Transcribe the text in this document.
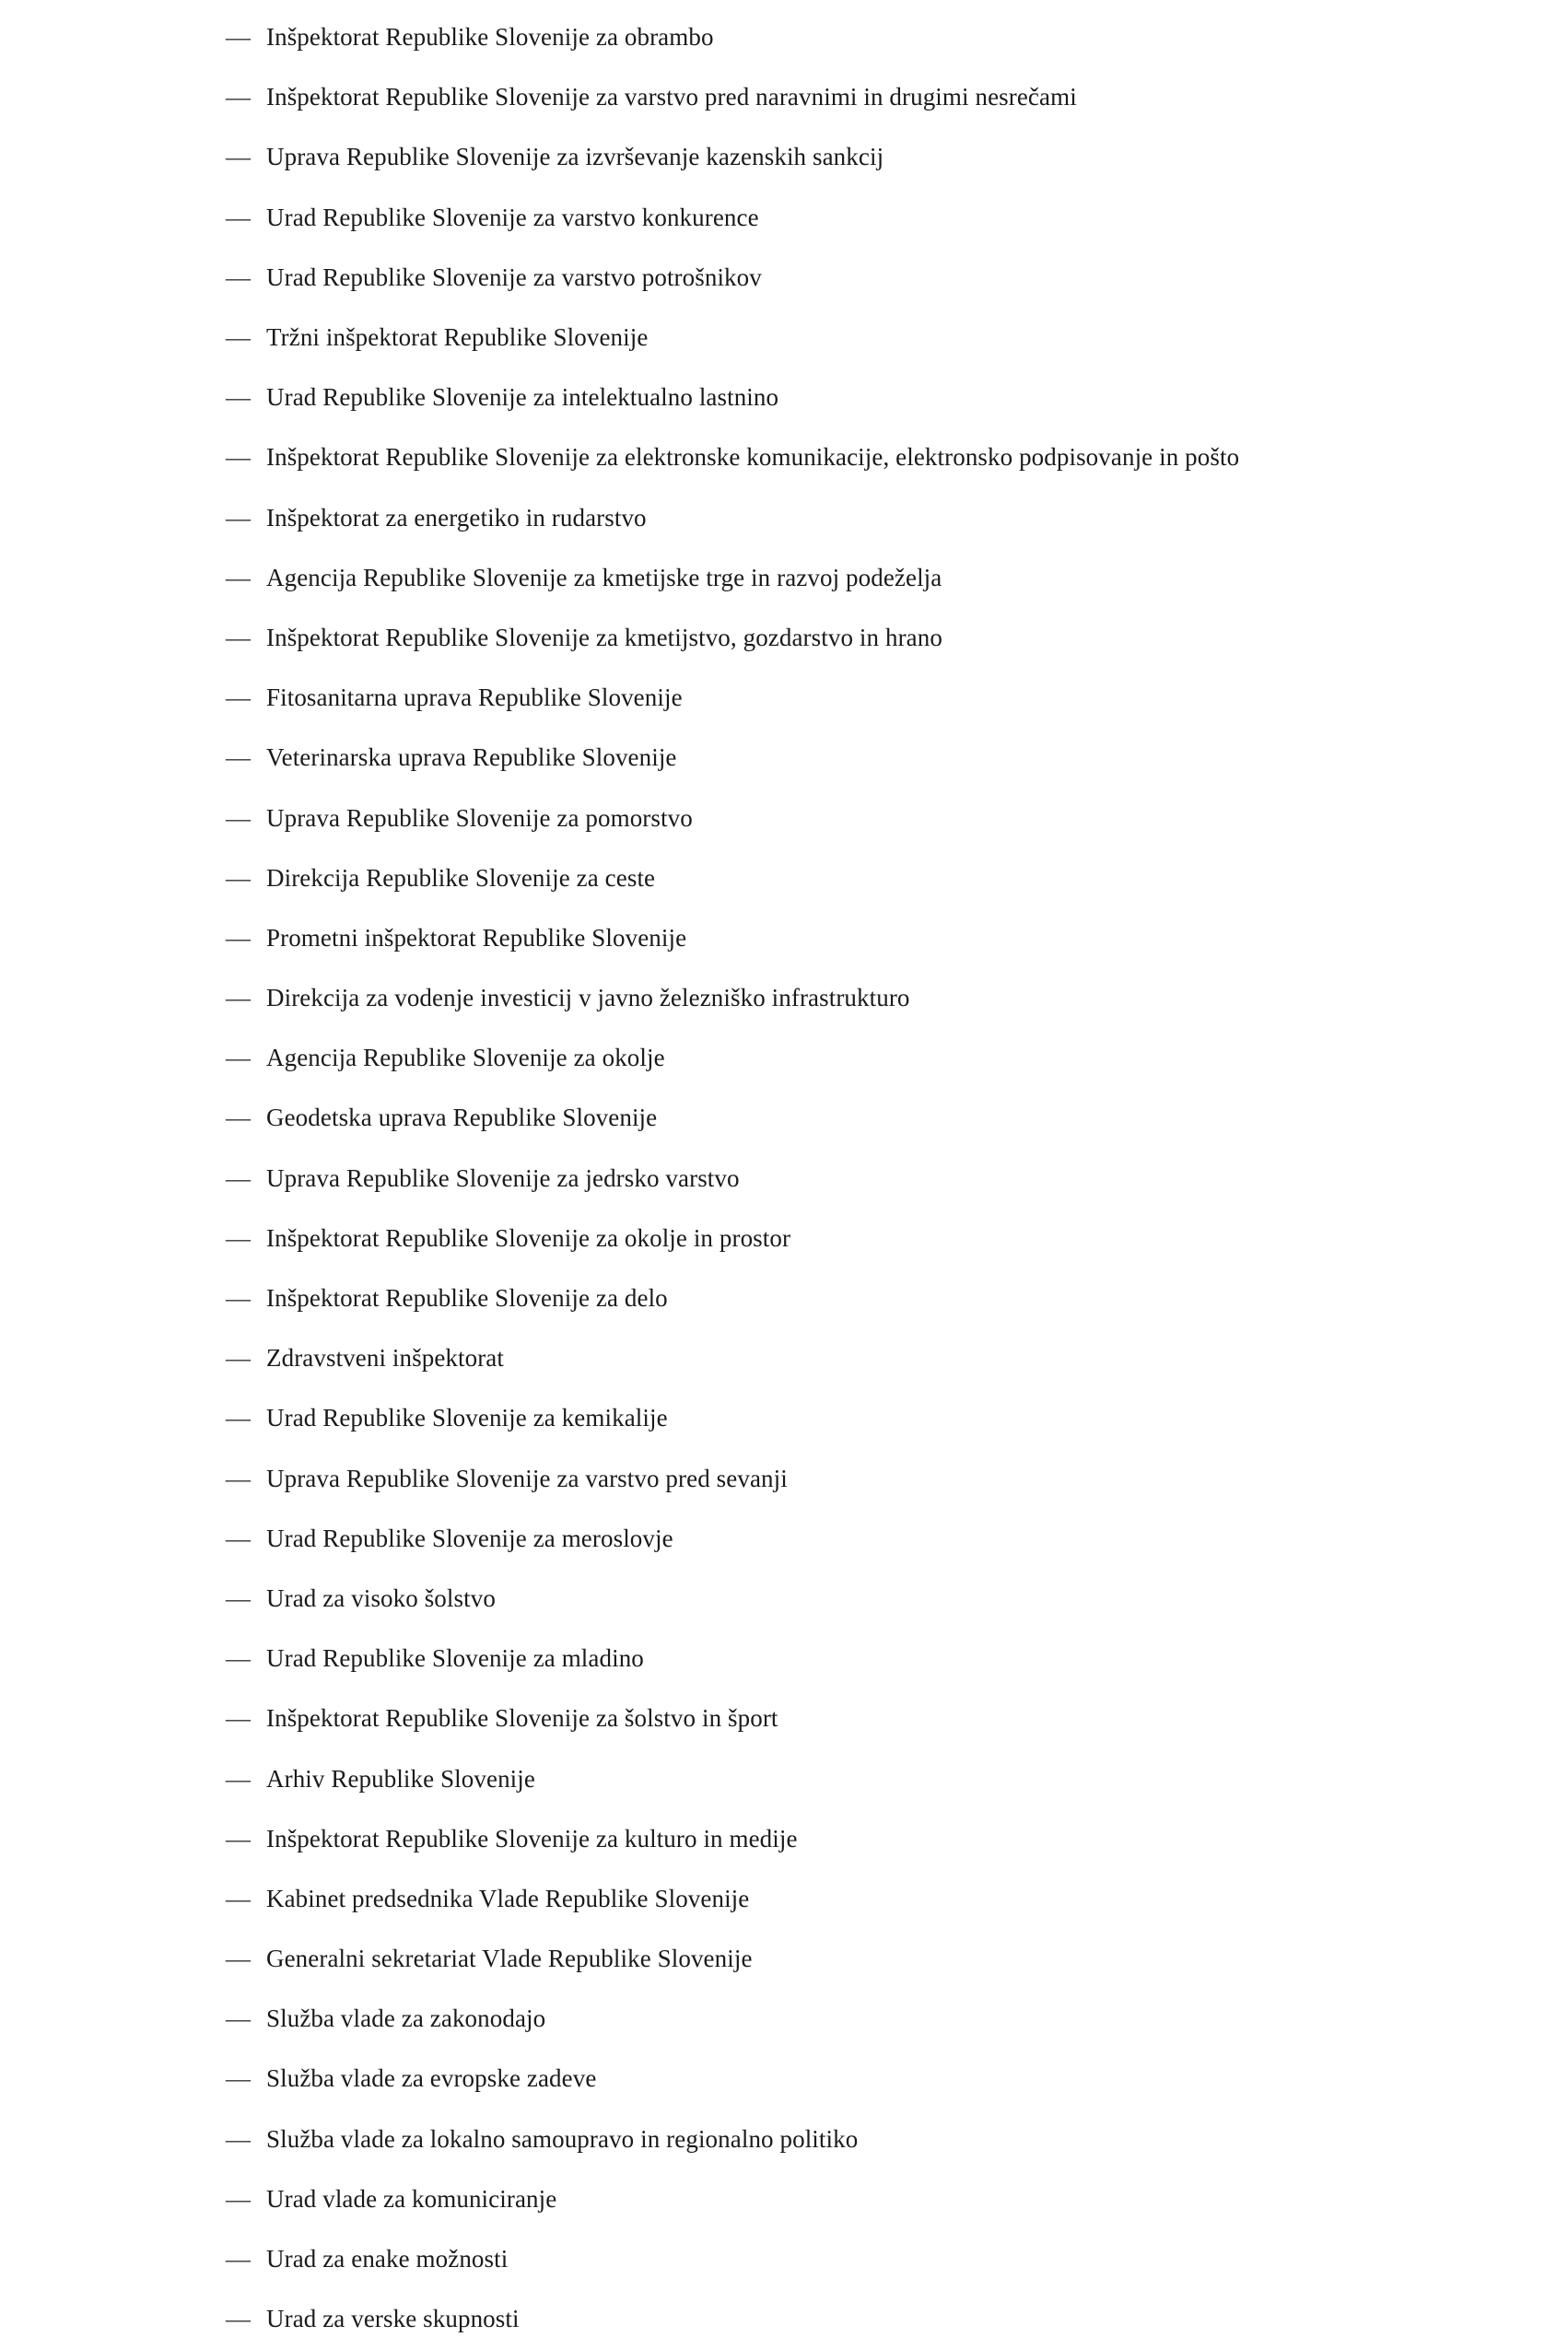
— Inšpektorat Republike Slovenije za obrambo
— Inšpektorat Republike Slovenije za varstvo pred naravnimi in drugimi nesrečami
— Uprava Republike Slovenije za izvrševanje kazenskih sankcij
— Urad Republike Slovenije za varstvo konkurence
— Urad Republike Slovenije za varstvo potrošnikov
— Tržni inšpektorat Republike Slovenije
— Urad Republike Slovenije za intelektualno lastnino
— Inšpektorat Republike Slovenije za elektronske komunikacije, elektronsko podpisovanje in pošto
— Inšpektorat za energetiko in rudarstvo
— Agencija Republike Slovenije za kmetijske trge in razvoj podeželja
— Inšpektorat Republike Slovenije za kmetijstvo, gozdarstvo in hrano
— Fitosanitarna uprava Republike Slovenije
— Veterinarska uprava Republike Slovenije
— Uprava Republike Slovenije za pomorstvo
— Direkcija Republike Slovenije za ceste
— Prometni inšpektorat Republike Slovenije
— Direkcija za vodenje investicij v javno železniško infrastrukturo
— Agencija Republike Slovenije za okolje
— Geodetska uprava Republike Slovenije
— Uprava Republike Slovenije za jedrsko varstvo
— Inšpektorat Republike Slovenije za okolje in prostor
— Inšpektorat Republike Slovenije za delo
— Zdravstveni inšpektorat
— Urad Republike Slovenije za kemikalije
— Uprava Republike Slovenije za varstvo pred sevanji
— Urad Republike Slovenije za meroslovje
— Urad za visoko šolstvo
— Urad Republike Slovenije za mladino
— Inšpektorat Republike Slovenije za šolstvo in šport
— Arhiv Republike Slovenije
— Inšpektorat Republike Slovenije za kulturo in medije
— Kabinet predsednika Vlade Republike Slovenije
— Generalni sekretariat Vlade Republike Slovenije
— Služba vlade za zakonodajo
— Služba vlade za evropske zadeve
— Služba vlade za lokalno samoupravo in regionalno politiko
— Urad vlade za komuniciranje
— Urad za enake možnosti
— Urad za verske skupnosti
